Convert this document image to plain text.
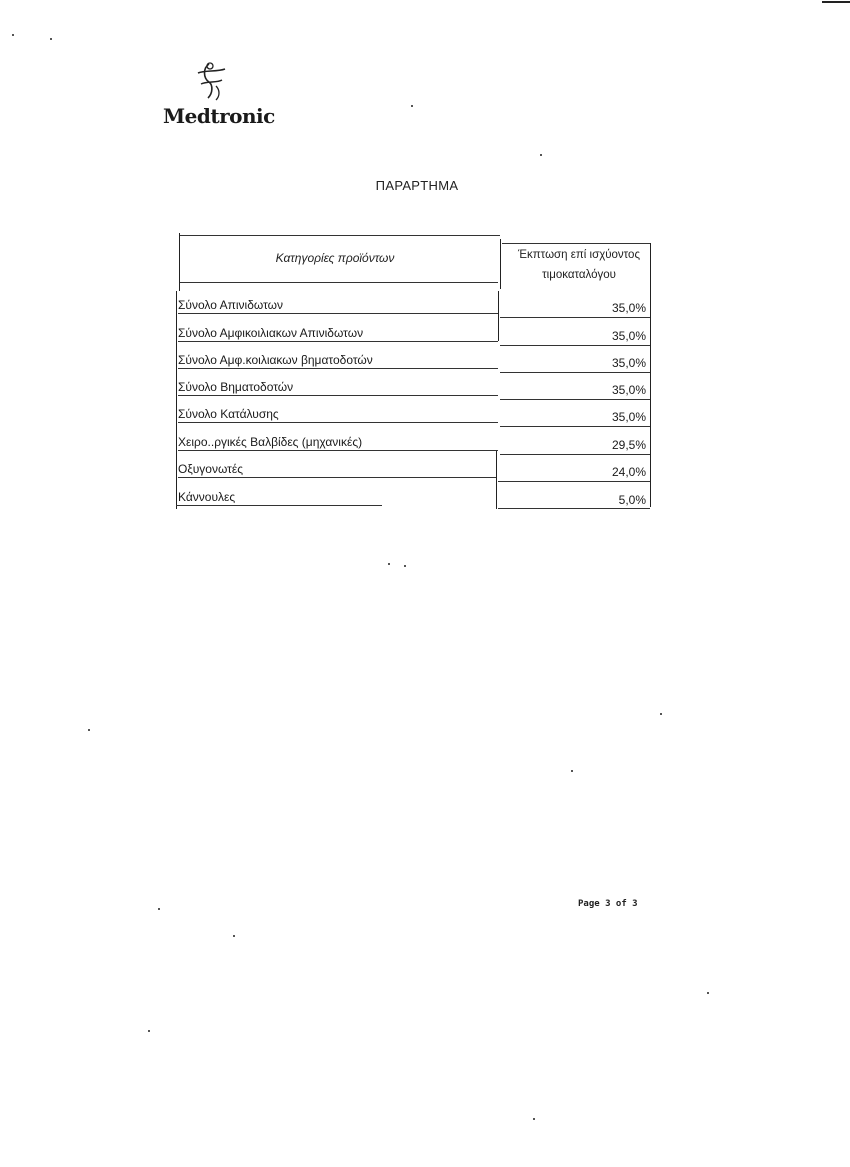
Medtronic
ΠΑΡΑΡΤΗΜΑ
Κατηγορίες προϊόντων	Έκπτωση επί ισχύοντος
τιμοκαταλόγου
Σύνολο Απινιδωτων	35,0%
Σύνολο Αμφικοιλιακων Απινιδωτων	35,0%
Σύνολο Αμφ.κοιλιακων βηματοδοτών	35,0%
Σύνολο Βηματοδοτών	35,0%
Σύνολο Κατάλυσης	35,0%
Χειρο..ργικές Βαλβίδες (μηχανικές)	29,5%
Οξυγονωτές	24,0%
Κάννουλες	5,0%
Page 3 of 3
